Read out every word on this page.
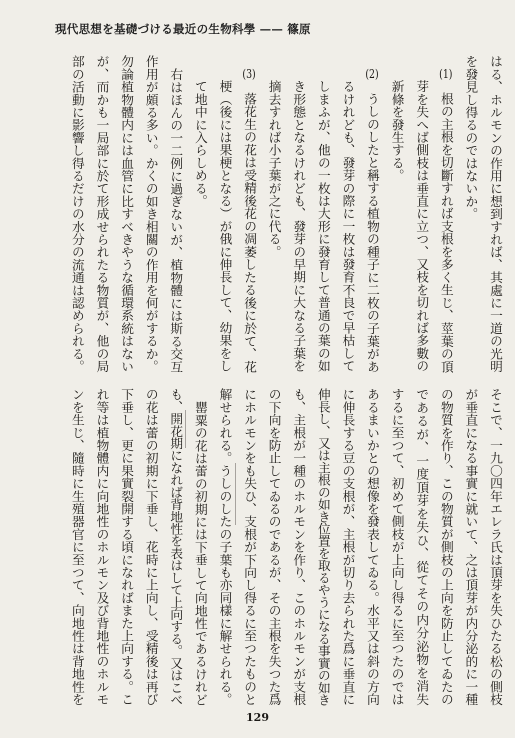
現代思想を基礎づける最近の生物科學 —— 篠原
はる、ホルモンの作用に想到すれば、其處に一道の光明
を發見し得るのではないか。
(1)根の主根を切斷すれば支根を多く生じ、莖葉の頂
芽を失へば側枝は垂直に立つ、又枝を切れば多數の
新條を發生する。
(2)うしのしたと稱する植物の種子に二枚の子葉があ
るけれども、發芽の際に一枚は發育不良で早枯して
しまふが、他の一枚は大形に發育して普通の葉の如
き形態となるけれども、發芽の早期に大なる子葉を
摘去すれば小子葉が之に代る。
(3)落花生の花は受精後花の凋萎したる後に於て、花
梗（後には果梗となる）が俄に伸長して、幼果をし
て地中に入らしめる。
右はほんの一二例に過ぎないが、植物體には斯る交互
作用が頗る多い。かくの如き相關の作用を何がするか。
勿論植物體内には血管に比すべきやうな循環系統はない
が、而かも一局部に於て形成せられたる物質が、他の局
部の活動に影響し得るだけの水分の流通は認められる。
そこで、一九〇四年エレラ氏は頂芽を失ひたる松の側枝
が垂直になる事實に就いて、之は頂芽が内分泌的に一種
の物質を作り、この物質が側枝の上向を防止してゐたの
であるが、一度頂芽を失ひ、從てその内分泌物を消失
するに至つて、初めて側枝が上向し得るに至つたのでは
あるまいかとの想像を發表してゐる。水平又は斜の方向
に伸長する豆の支根が、主根が切り去られた爲に垂直に
伸長し、又は主根の如き位置を取るやうになる事實の如き
も、主根が一種のホルモンを作り、このホルモンが支根
の下向を防止してゐるのであるが、その主根を失つた爲
にホルモンをも失ひ、支根が下向し得るに至つたものと
解せられる。うしのしたの子葉も亦同樣に解せられる。
罌粟の花は蕾の初期には下垂して向地性であるけれど
も、開花期になれば背地性を表はして上向する。又はこべ
の花は蕾の初期に下垂し、花時に上向し、受精後は再び
下垂し、更に果實裂開する頃になればまた上向する。こ
れ等は植物體内に向地性のホルモン及び背地性のホルモ
ンを生じ、隨時に生殖器官に至つて、向地性は背地性を
129
